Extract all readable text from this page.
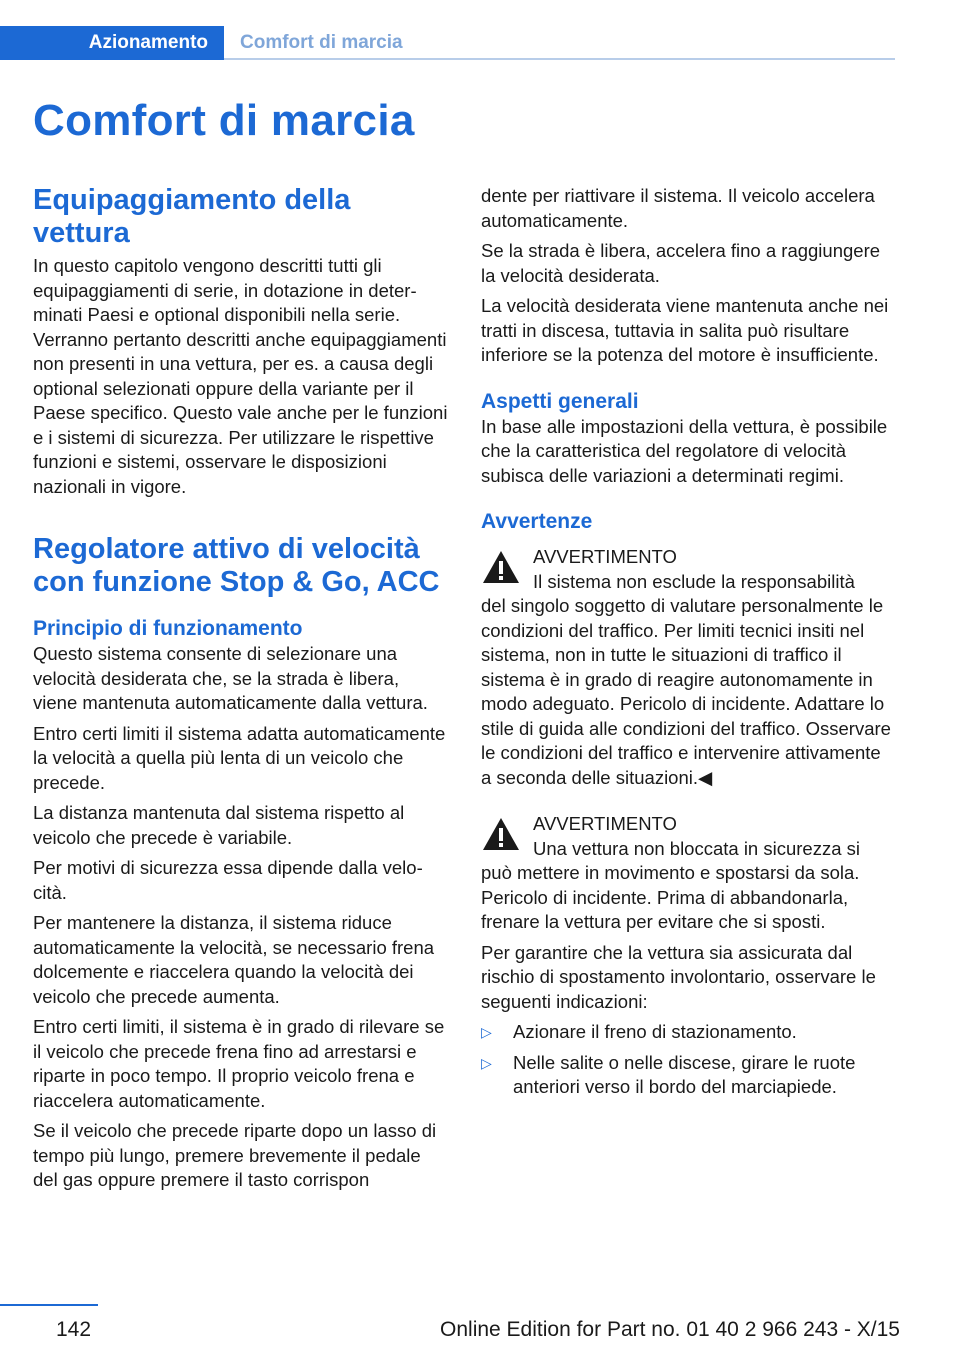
Azionamento	Comfort di marcia
Comfort di marcia
Equipaggiamento della vettura

In questo capitolo vengono descritti tutti gli equipaggiamenti di serie, in dotazione in determinati Paesi e optional disponibili nella serie. Verranno pertanto descritti anche equipaggiamenti non presenti in una vettura, per es. a causa degli optional selezionati oppure della variante per il Paese specifico. Questo vale anche per le funzioni e i sistemi di sicurezza. Per utilizzare le rispettive funzioni e sistemi, osservare le disposizioni nazionali in vigore.

Regolatore attivo di velocità con funzione Stop & Go, ACC
Principio di funzionamento

Questo sistema consente di selezionare una velocità desiderata che, se la strada è libera, viene mantenuta automaticamente dalla vettura.

Entro certi limiti il sistema adatta automaticamente la velocità a quella più lenta di un veicolo che precede.

La distanza mantenuta dal sistema rispetto al veicolo che precede è variabile.

Per motivi di sicurezza essa dipende dalla velocità.

Per mantenere la distanza, il sistema riduce automaticamente la velocità, se necessario frena dolcemente e riaccelera quando la velocità dei veicolo che precede aumenta.

Entro certi limiti, il sistema è in grado di rilevare se il veicolo che precede frena fino ad arrestarsi e riparte in poco tempo. Il proprio veicolo frena e riaccelera automaticamente.

Se il veicolo che precede riparte dopo un lasso di tempo più lungo, premere brevemente il pedale del gas oppure premere il tasto corrispon

dente per riattivare il sistema. Il veicolo accelera automaticamente.

Se la strada è libera, accelera fino a raggiungere la velocità desiderata.

La velocità desiderata viene mantenuta anche nei tratti in discesa, tuttavia in salita può risultare inferiore se la potenza del motore è insufficiente.

Aspetti generali

In base alle impostazioni della vettura, è possibile che la caratteristica del regolatore di velocità subisca delle variazioni a determinati regimi.

Avvertenze
AVVERTIMENTO

Il sistema non esclude la responsabilità

del singolo soggetto di valutare personalmente le condizioni del traffico. Per limiti tecnici insiti nel sistema, non in tutte le situazioni di traffico il sistema è in grado di reagire autonomamente in modo adeguato. Pericolo di incidente. Adattare lo stile di guida alle condizioni del traffico. Osservare le condizioni del traffico e intervenire attivamente a seconda delle situazioni.◀

AVVERTIMENTO

Una vettura non bloccata in sicurezza si

può mettere in movimento e spostarsi da sola. Pericolo di incidente. Prima di abbandonarla, frenare la vettura per evitare che si sposti.

Per garantire che la vettura sia assicurata dal rischio di spostamento involontario, osservare le seguenti indicazioni:

▷ Azionare il freno di stazionamento.
▷ Nelle salite o nelle discese, girare le ruote anteriori verso il bordo del marciapiede.
142	Online Edition for Part no. 01 40 2 966 243 - X/15
